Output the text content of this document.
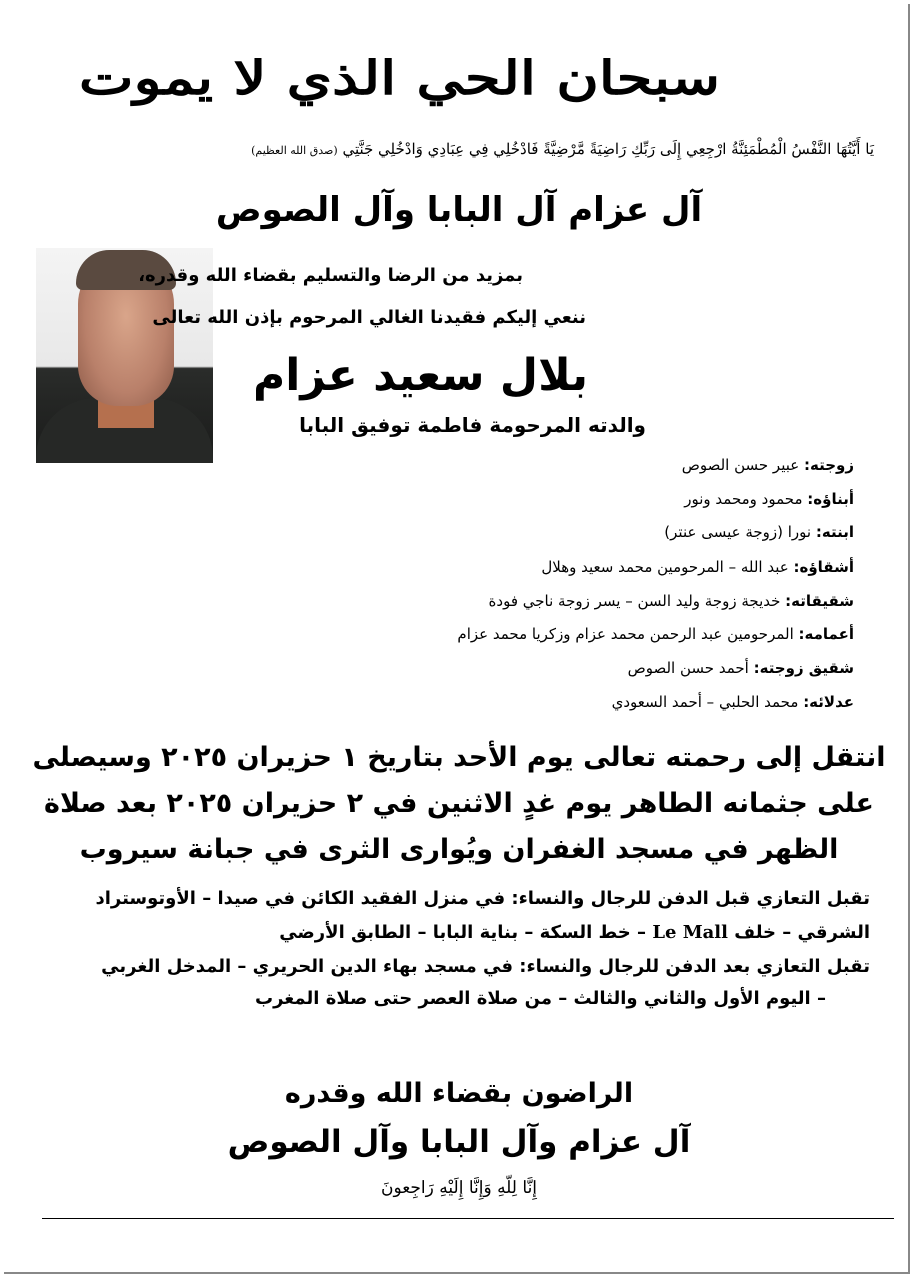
سبحان الحي الذي لا يموت
يَا أَيَّتُهَا النَّفْسُ الْمُطْمَئِنَّةُ ارْجِعِي إِلَى رَبِّكِ رَاضِيَةً مَّرْضِيَّةً فَادْخُلِي فِي عِبَادِي وَادْخُلِي جَنَّتِي (صدق الله العظيم)
آل عزام آل البابا وآل الصوص
بمزيد من الرضا والتسليم بقضاء الله وقدره،
ننعي إليكم فقيدنا الغالي المرحوم بإذن الله تعالى
بلال سعيد عزام
والدته المرحومة فاطمة توفيق البابا
زوجته: عبير حسن الصوص
أبناؤه: محمود ومحمد ونور
ابنته: نورا (زوجة عيسى عنتر)
أشقاؤه: عبد الله – المرحومين محمد سعيد وهلال
شقيقاته: خديجة زوجة وليد السن – يسر زوجة ناجي فودة
أعمامه: المرحومين عبد الرحمن محمد عزام وزكريا محمد عزام
شقيق زوجته: أحمد حسن الصوص
عدلائه: محمد الحلبي – أحمد السعودي
انتقل إلى رحمته تعالى يوم الأحد بتاريخ ١ حزيران ٢٠٢٥ وسيصلى
على جثمانه الطاهر يوم غدٍ الاثنين في ٢ حزيران ٢٠٢٥ بعد صلاة
الظهر في مسجد الغفران ويُوارى الثرى في جبانة سيروب
تقبل التعازي قبل الدفن للرجال والنساء: في منزل الفقيد الكائن في صيدا – الأوتوستراد
الشرقي – خلف Le Mall – خط السكة – بناية البابا – الطابق الأرضي
تقبل التعازي بعد الدفن للرجال والنساء: في مسجد بهاء الدين الحريري – المدخل الغربي
– اليوم الأول والثاني والثالث – من صلاة العصر حتى صلاة المغرب
الراضون بقضاء الله وقدره
آل عزام وآل البابا وآل الصوص
إِنَّا لِلّهِ وَإِنَّا إِلَيْهِ رَاجِعونَ
